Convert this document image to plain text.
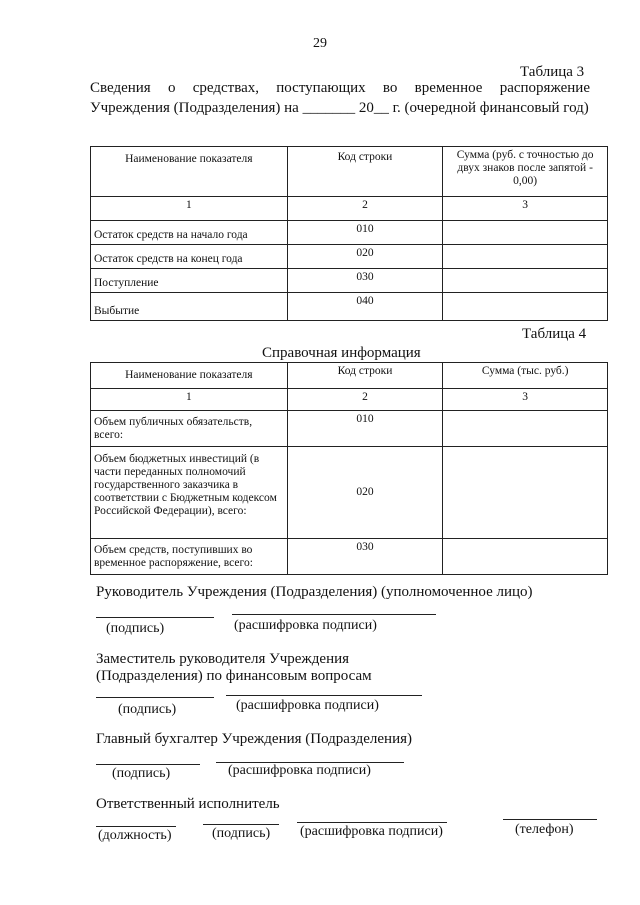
29
Таблица 3
Сведения о средствах, поступающих во временное распоряжение Учреждения (Подразделения) на _______ 20__ г. (очередной финансовый год)
Наименование показателя	Код строки	Сумма (руб. с точностью до двух знаков после запятой - 0,00)
1	2	3
Остаток средств на начало года	010	
Остаток средств на конец года	020	
Поступление	030	
Выбытие	040	
Таблица 4
Справочная информация
Наименование показателя	Код строки	Сумма (тыс. руб.)
1	2	3
Объем публичных обязательств, всего:	010	
Объем бюджетных инвестиций (в части переданных полномочий государственного заказчика в соответствии с Бюджетным кодексом Российской Федерации), всего:	020	
Объем средств, поступивших во временное распоряжение, всего:	030	
Руководитель Учреждения (Подразделения) (уполномоченное лицо)
(подпись)	(расшифровка подписи)
Заместитель руководителя Учреждения
(Подразделения) по финансовым вопросам
(подпись)	(расшифровка подписи)
Главный бухгалтер Учреждения (Подразделения)
(подпись)	(расшифровка подписи)
Ответственный исполнитель
(должность)	(подпись) (расшифровка подписи)	(телефон)
